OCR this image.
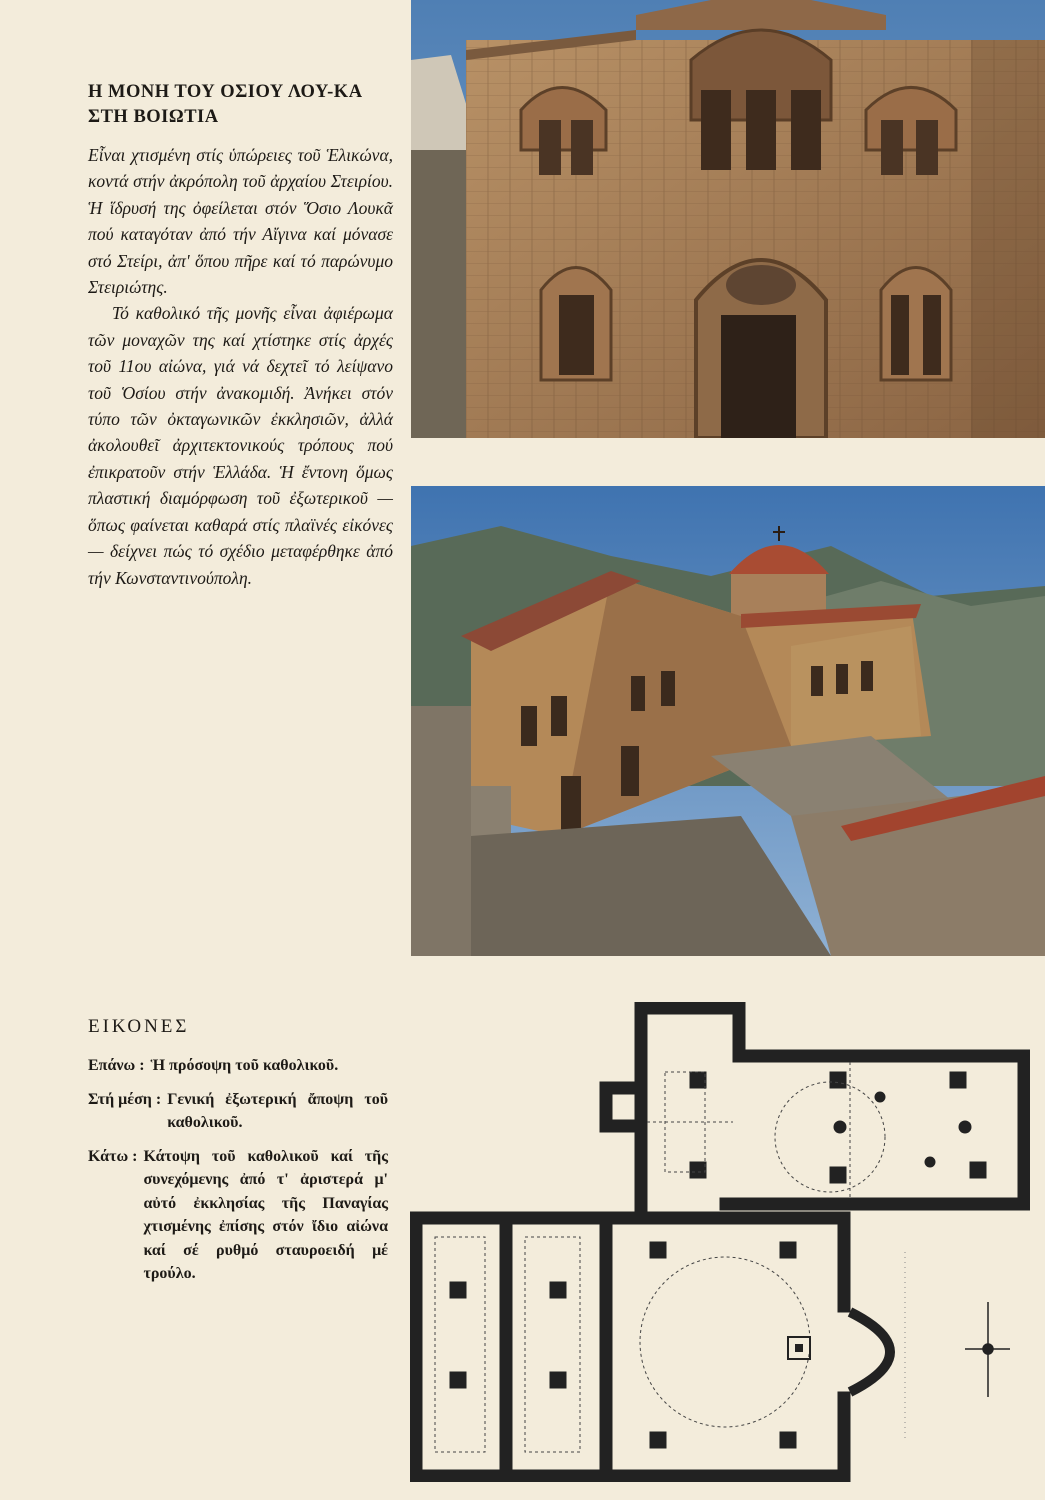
Η ΜΟΝΗ ΤΟΥ ΟΣΙΟΥ ΛΟΥ-ΚΑ ΣΤΗ ΒΟΙΩΤΙΑ

Εἶναι χτισμένη στίς ὑπώρειες τοῦ Ἑλικώνα, κοντά στήν ἀκρόπολη τοῦ ἀρχαίου Στειρίου. Ἡ ἵδρυσή της ὀφείλεται στόν Ὅσιο Λουκᾶ πού καταγόταν ἀπό τήν Αἴγινα καί μόνασε στό Στείρι, ἀπ' ὅπου πῆρε καί τό παρώνυμο Στειριώτης.

Τό καθολικό τῆς μονῆς εἶναι ἀφιέρωμα τῶν μοναχῶν της καί χτίστηκε στίς ἀρχές τοῦ 11ου αἰώνα, γιά νά δεχτεῖ τό λείψανο τοῦ Ὁσίου στήν ἀνακομιδή. Ἀνήκει στόν τύπο τῶν ὀκταγωνικῶν ἐκκλησιῶν, ἀλλά ἀκολουθεῖ ἀρχιτεκτονικούς τρόπους πού ἐπικρατοῦν στήν Ἑλλάδα. Ἡ ἔντονη ὅμως πλαστική διαμόρφωση τοῦ ἐξωτερικοῦ — ὅπως φαίνεται καθαρά στίς πλαϊνές εἰκόνες — δείχνει πώς τό σχέδιο μεταφέρθηκε ἀπό τήν Κωνσταντινούπολη.

ΕΙΚΟΝΕΣ
Επάνω : Ἡ πρόσοψη τοῦ καθολικοῦ.
Στή μέση : Γενική ἐξωτερική ἄποψη τοῦ καθολικοῦ.
Κάτω : Κάτοψη τοῦ καθολικοῦ καί τῆς συνεχόμενης ἀπό τ' ἀριστερά μ' αὐτό ἐκκλησίας τῆς Παναγίας χτισμένης ἐπίσης στόν ἴδιο αἰώνα καί σέ ρυθμό σταυροειδή μέ τρούλο.
